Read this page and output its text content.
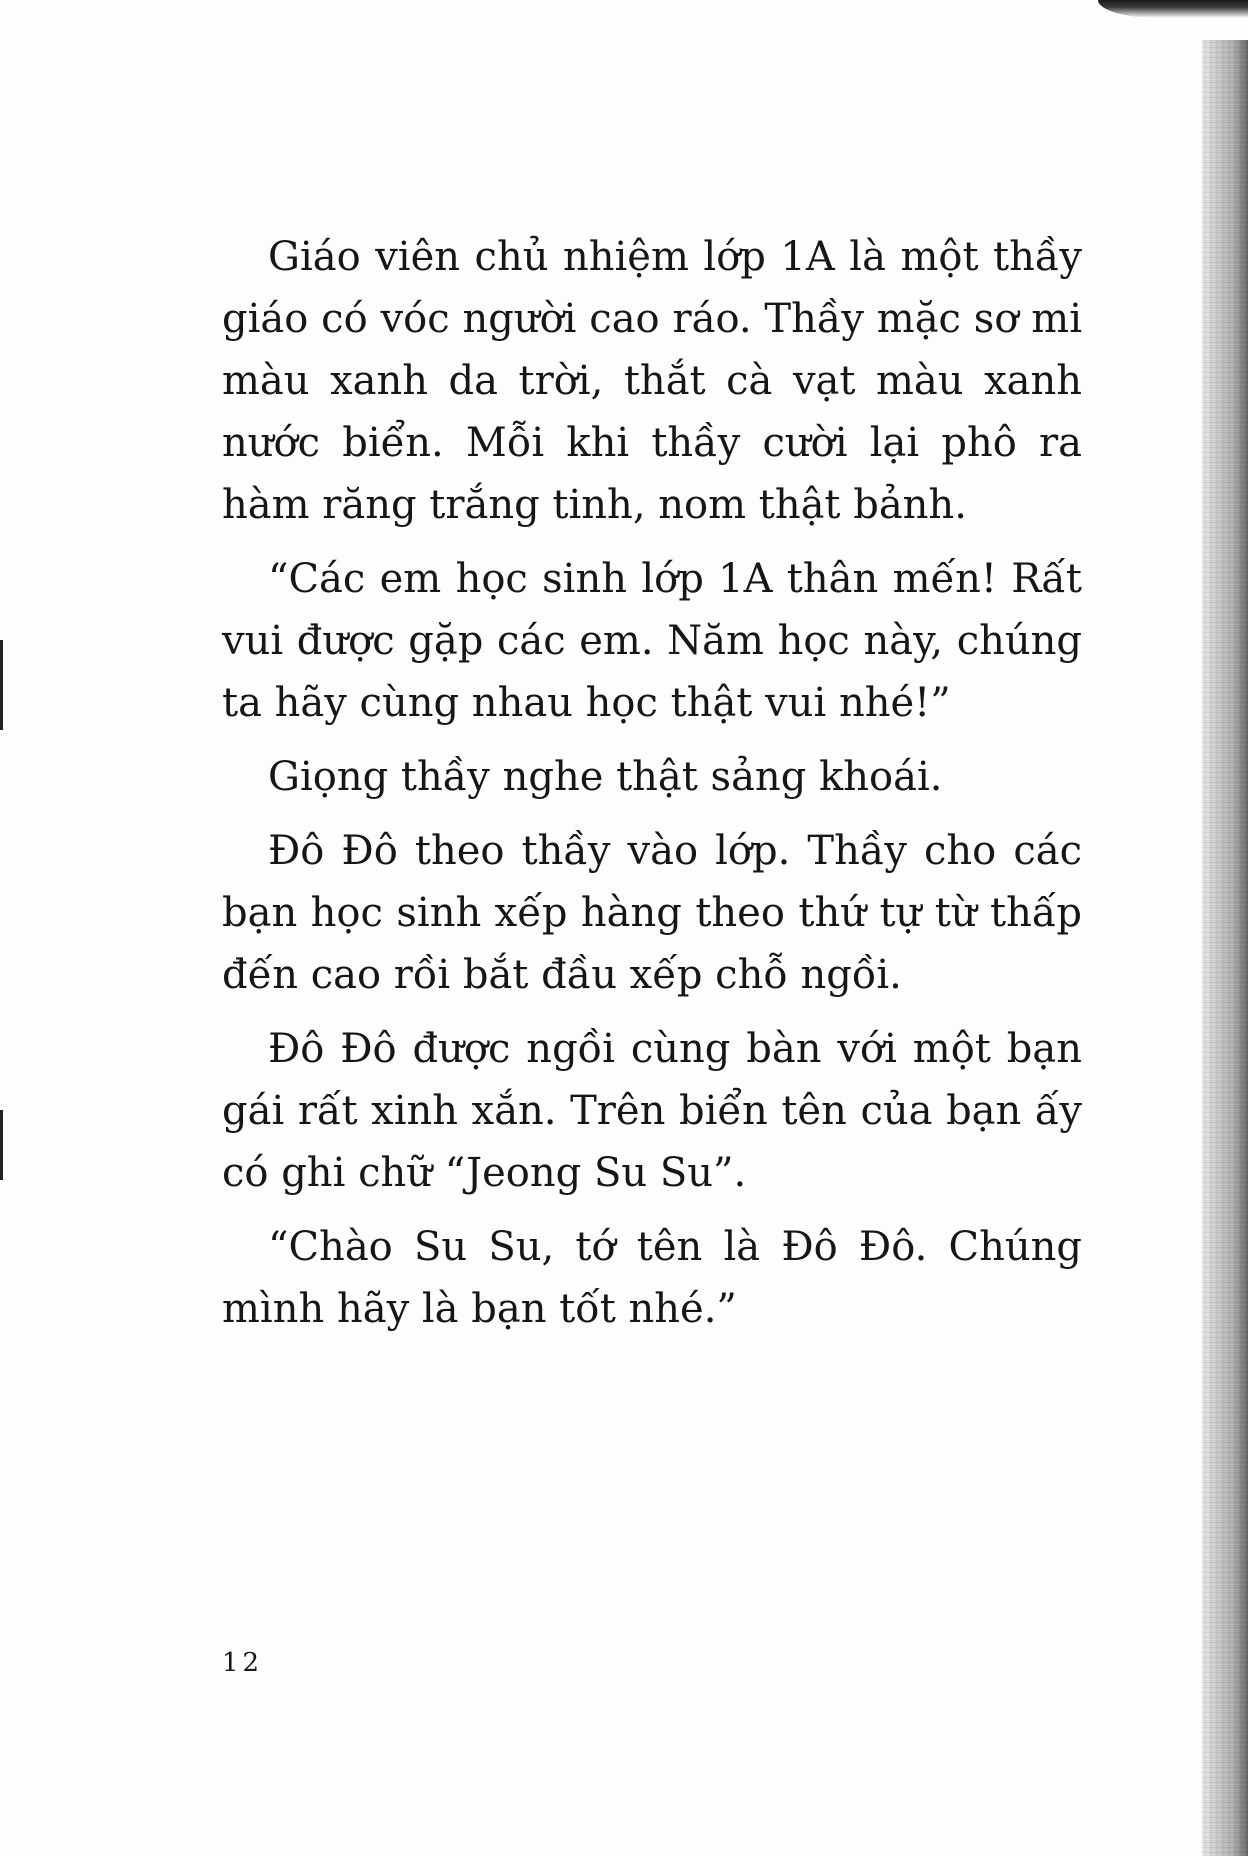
Giáo viên chủ nhiệm lớp 1A là một thầy giáo có vóc người cao ráo. Thầy mặc sơ mi màu xanh da trời, thắt cà vạt màu xanh nước biển. Mỗi khi thầy cười lại phô ra hàm răng trắng tinh, nom thật bảnh.

“Các em học sinh lớp 1A thân mến! Rất vui được gặp các em. Năm học này, chúng ta hãy cùng nhau học thật vui nhé!”

Giọng thầy nghe thật sảng khoái.

Đô Đô theo thầy vào lớp. Thầy cho các bạn học sinh xếp hàng theo thứ tự từ thấp đến cao rồi bắt đầu xếp chỗ ngồi.

Đô Đô được ngồi cùng bàn với một bạn gái rất xinh xắn. Trên biển tên của bạn ấy có ghi chữ “Jeong Su Su”.

“Chào Su Su, tớ tên là Đô Đô. Chúng mình hãy là bạn tốt nhé.”

12
